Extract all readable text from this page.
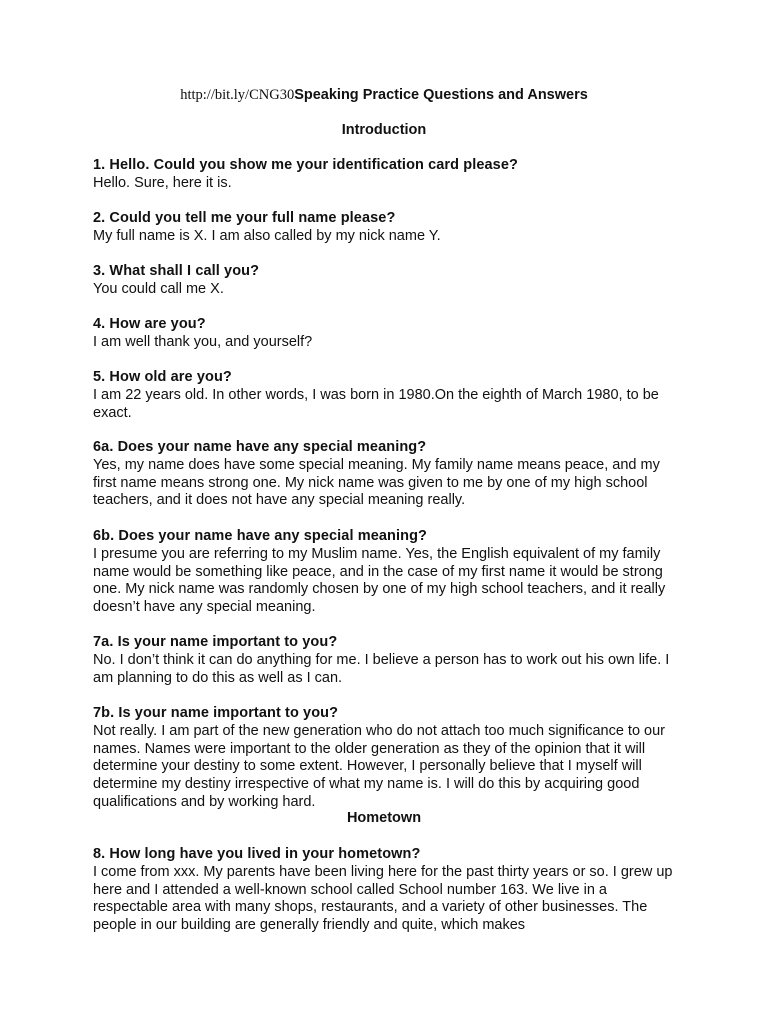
http://bit.ly/CNG30Speaking Practice Questions and Answers
Introduction
1. Hello. Could you show me your identification card please?
Hello. Sure, here it is.
2. Could you tell me your full name please?
My full name is X. I am also called by my nick name Y.
3. What shall I call you?
You could call me X.
4. How are you?
I am well thank you, and yourself?
5. How old are you?
I am 22 years old. In other words, I was born in 1980.On the eighth of March 1980, to be exact.
6a. Does your name have any special meaning?
Yes, my name does have some special meaning. My family name means peace, and my first name means strong one. My nick name was given to me by one of my high school teachers, and it does not have any special meaning really.
6b. Does your name have any special meaning?
I presume you are referring to my Muslim name. Yes, the English equivalent of my family name would be something like peace, and in the case of my first name it would be strong one. My nick name was randomly chosen by one of my high school teachers, and it really doesn’t have any special meaning.
7a. Is your name important to you?
No. I don’t think it can do anything for me. I believe a person has to work out his own life. I am planning to do this as well as I can.
7b. Is your name important to you?
Not really. I am part of the new generation who do not attach too much significance to our names. Names were important to the older generation as they of the opinion that it will determine your destiny to some extent. However, I personally believe that I myself will determine my destiny irrespective of what my name is. I will do this by acquiring good qualifications and by working hard.
Hometown
8. How long have you lived in your hometown?
I come from xxx. My parents have been living here for the past thirty years or so. I grew up here and I attended a well-known school called School number 163. We live in a respectable area with many shops, restaurants, and a variety of other businesses. The people in our building are generally friendly and quite, which makes
